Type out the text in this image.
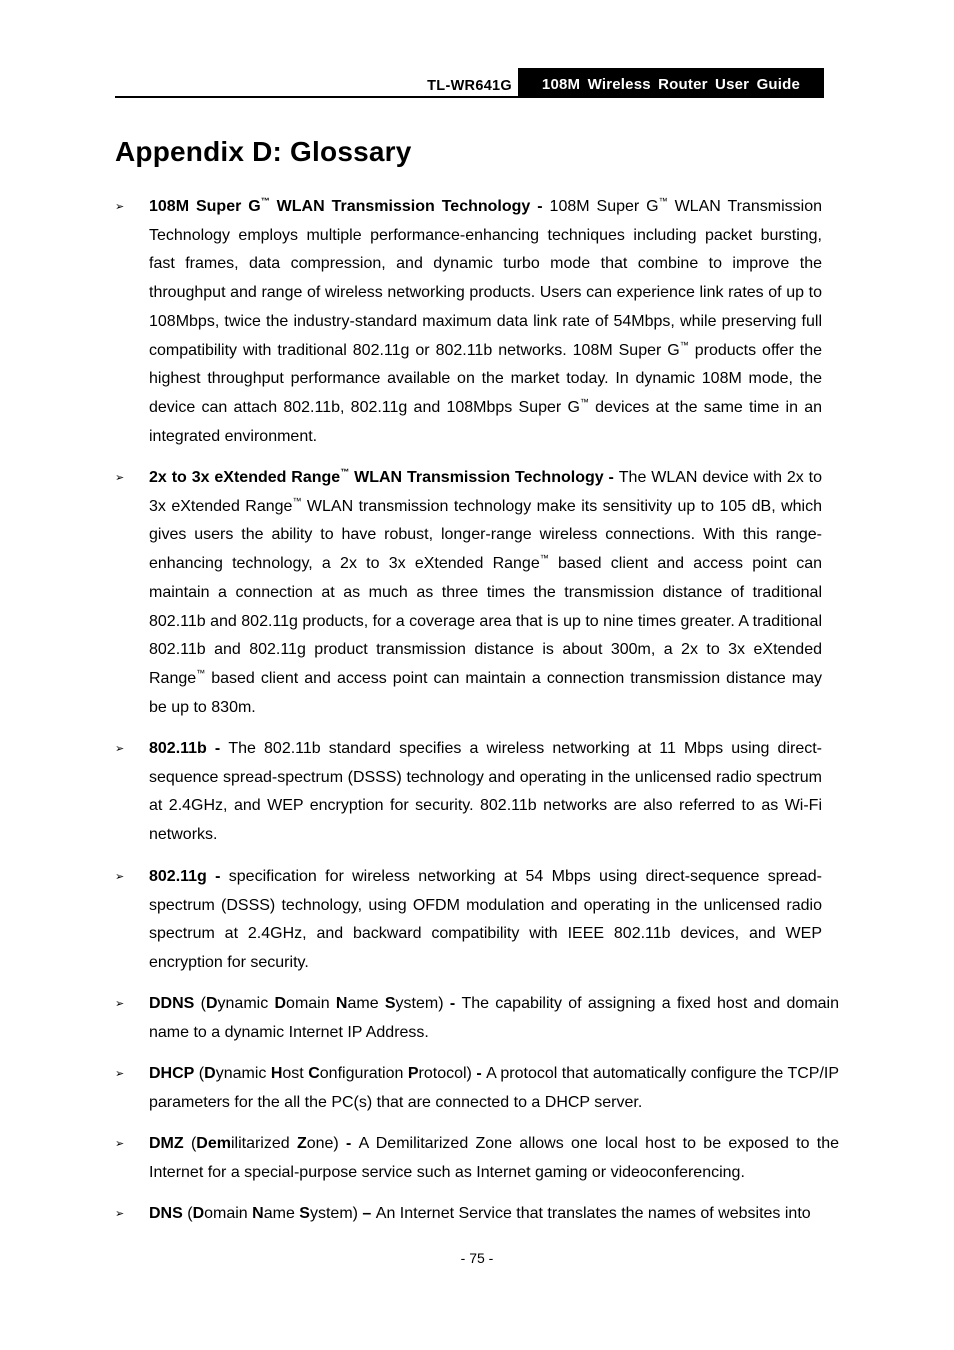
TL-WR641G	108M Wireless Router User Guide
Appendix D: Glossary
➢ 108M Super G™ WLAN Transmission Technology - 108M Super G™ WLAN Transmission Technology employs multiple performance-enhancing techniques including packet bursting, fast frames, data compression, and dynamic turbo mode that combine to improve the throughput and range of wireless networking products. Users can experience link rates of up to 108Mbps, twice the industry-standard maximum data link rate of 54Mbps, while preserving full compatibility with traditional 802.11g or 802.11b networks. 108M Super G™ products offer the highest throughput performance available on the market today. In dynamic 108M mode, the device can attach 802.11b, 802.11g and 108Mbps Super G™ devices at the same time in an integrated environment.
➢ 2x to 3x eXtended Range™ WLAN Transmission Technology - The WLAN device with 2x to 3x eXtended Range™ WLAN transmission technology make its sensitivity up to 105 dB, which gives users the ability to have robust, longer-range wireless connections. With this range-enhancing technology, a 2x to 3x eXtended Range™ based client and access point can maintain a connection at as much as three times the transmission distance of traditional 802.11b and 802.11g products, for a coverage area that is up to nine times greater. A traditional 802.11b and 802.11g product transmission distance is about 300m, a 2x to 3x eXtended Range™ based client and access point can maintain a connection transmission distance may be up to 830m.
➢ 802.11b - The 802.11b standard specifies a wireless networking at 11 Mbps using direct-sequence spread-spectrum (DSSS) technology and operating in the unlicensed radio spectrum at 2.4GHz, and WEP encryption for security. 802.11b networks are also referred to as Wi-Fi networks.
➢ 802.11g - specification for wireless networking at 54 Mbps using direct-sequence spread-spectrum (DSSS) technology, using OFDM modulation and operating in the unlicensed radio spectrum at 2.4GHz, and backward compatibility with IEEE 802.11b devices, and WEP encryption for security.
➢ DDNS (Dynamic Domain Name System) - The capability of assigning a fixed host and domain name to a dynamic Internet IP Address.
➢ DHCP (Dynamic Host Configuration Protocol) - A protocol that automatically configure the TCP/IP parameters for the all the PC(s) that are connected to a DHCP server.
➢ DMZ (Demilitarized Zone) - A Demilitarized Zone allows one local host to be exposed to the Internet for a special-purpose service such as Internet gaming or videoconferencing.
➢ DNS (Domain Name System) – An Internet Service that translates the names of websites into
- 75 -
